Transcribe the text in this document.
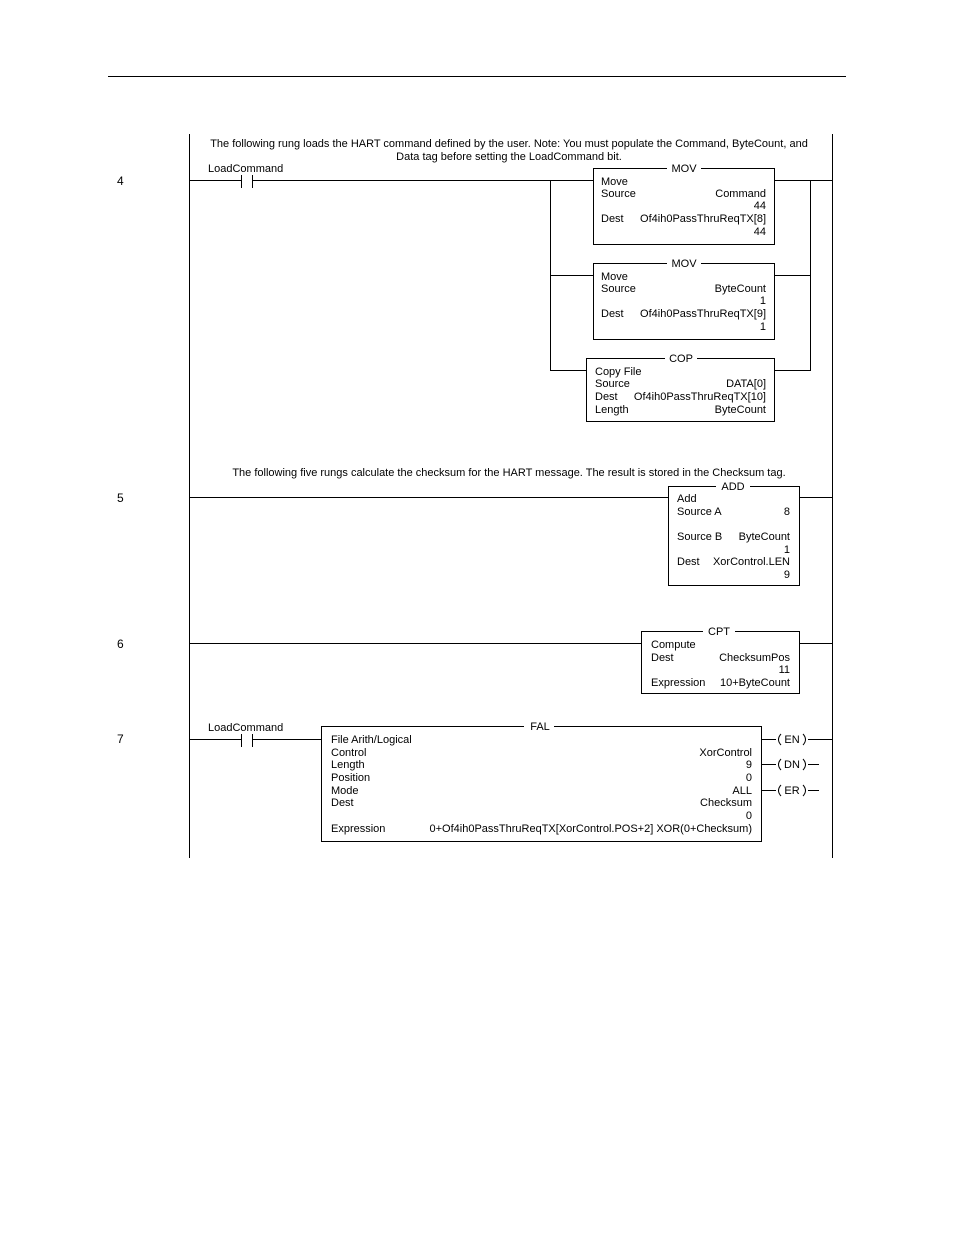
4
The following rung loads the HART command defined by the user. Note: You must populate the Command, ByteCount, and
Data tag before setting the LoadCommand bit.
LoadCommand	MOV
Move
Source	Command
44
Dest Of4ih0PassThruReqTX[8]
44
MOV
Move
Source	ByteCount
1
Dest Of4ih0PassThruReqTX[9]
1
COP
Copy File
Source	DATA[0]
Dest Of4ih0PassThruReqTX[10]
Length	ByteCount
5
The following five rungs calculate the checksum for the HART message. The result is stored in the Checksum tag.
ADD
Add
Source A	8
Source B ByteCount
1
Dest XorControl.LEN
9
6
CPT
Compute
Dest	ChecksumPos
11
Expression 10+ByteCount
7
LoadCommand	FAL
File Arith/Logical
Control	XorControl
Length	9
Position	0
Mode	ALL
Dest	Checksum
0
Expression	0+Of4ih0PassThruReqTX[XorControl.POS+2] XOR(0+Checksum)
EN
DN
ER
